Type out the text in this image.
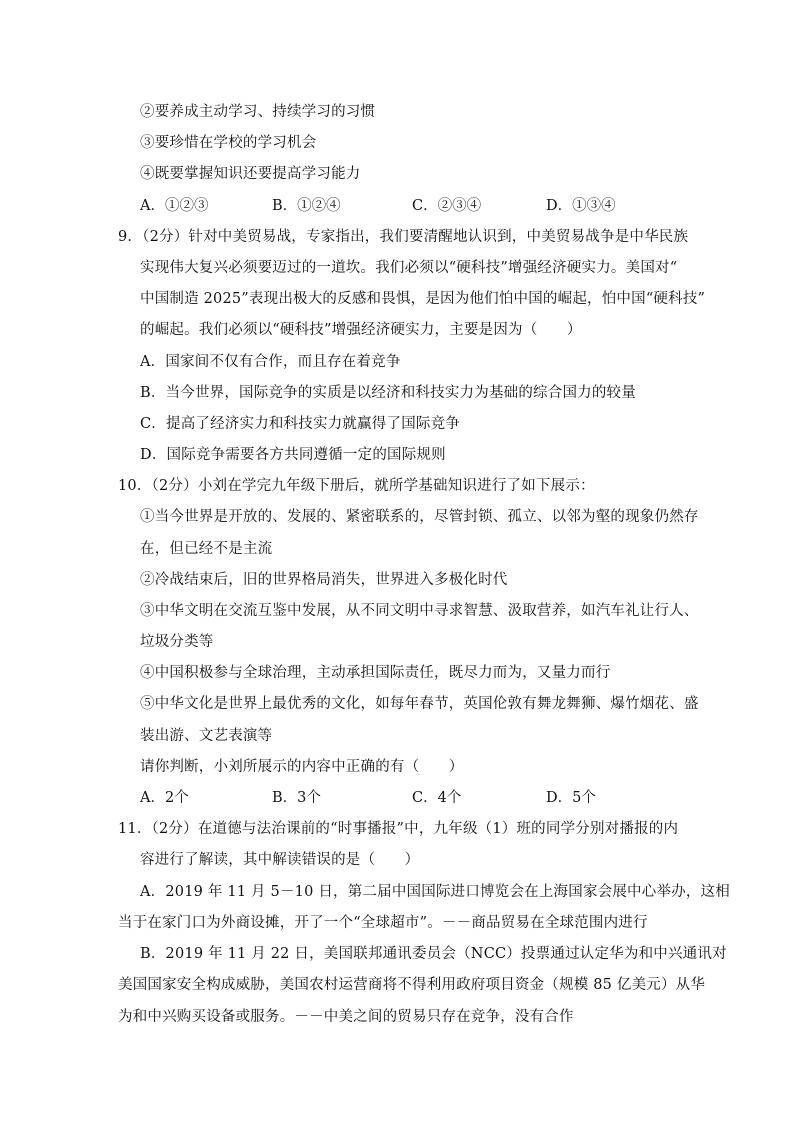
②要养成主动学习、持续学习的习惯
③要珍惜在学校的学习机会
④既要掌握知识还要提高学习能力
A．①②③	B．①②④	C．②③④	D．①③④
9．（2分）针对中美贸易战，专家指出，我们要清醒地认识到，中美贸易战争是中华民族
实现伟大复兴必须要迈过的一道坎。我们必须以“硬科技”增强经济硬实力。美国对“
中国制造 2025”表现出极大的反感和畏惧，是因为他们怕中国的崛起，怕中国“硬科技”
的崛起。我们必须以“硬科技”增强经济硬实力，主要是因为（　　）
A．国家间不仅有合作，而且存在着竞争
B．当今世界，国际竞争的实质是以经济和科技实力为基础的综合国力的较量
C．提高了经济实力和科技实力就赢得了国际竞争
D．国际竞争需要各方共同遵循一定的国际规则
10．（2分）小刘在学完九年级下册后，就所学基础知识进行了如下展示：
①当今世界是开放的、发展的、紧密联系的，尽管封锁、孤立、以邻为壑的现象仍然存
在，但已经不是主流
②冷战结束后，旧的世界格局消失，世界进入多极化时代
③中华文明在交流互鉴中发展，从不同文明中寻求智慧、汲取营养，如汽车礼让行人、
垃圾分类等
④中国积极参与全球治理，主动承担国际责任，既尽力而为，又量力而行
⑤中华文化是世界上最优秀的文化，如每年春节，英国伦敦有舞龙舞狮、爆竹烟花、盛
装出游、文艺表演等
请你判断，小刘所展示的内容中正确的有（　　）
A．2个	B．3个	C．4个	D．5个
11．（2分）在道德与法治课前的“时事播报”中，九年级（1）班的同学分别对播报的内
容进行了解读，其中解读错误的是（　　）
A．2019 年 11 月 5－10 日，第二届中国国际进口博览会在上海国家会展中心举办，这相
当于在家门口为外商设摊，开了一个“全球超市”。－－商品贸易在全球范围内进行
B．2019 年 11 月 22 日，美国联邦通讯委员会（NCC）投票通过认定华为和中兴通讯对
美国国家安全构成威胁，美国农村运营商将不得利用政府项目资金（规模 85 亿美元）从华
为和中兴购买设备或服务。－－中美之间的贸易只存在竞争，没有合作
